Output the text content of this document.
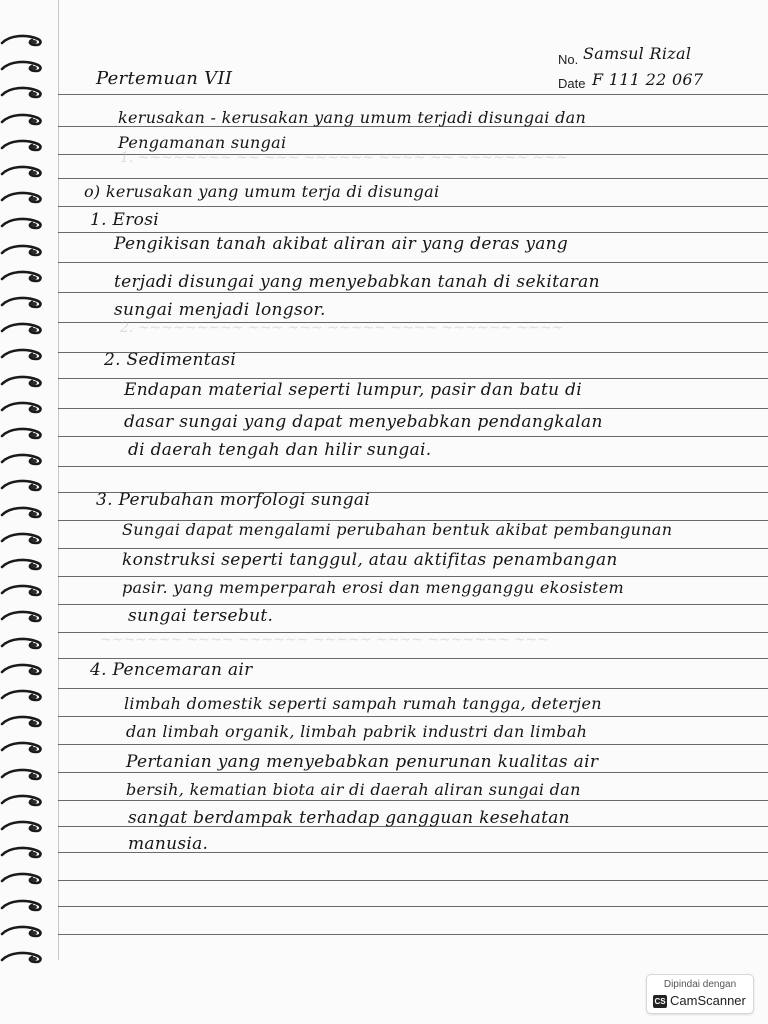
1. ~~~~~~~~ ~~ ~~~ ~~~~~~ ~~~~ ~~ ~~~~~~ ~~~
2. ~~~~~~~~~ ~~~ ~~~ ~~~~~ ~~~~ ~~~~~~ ~~~~
~~~~~~~ ~~~~ ~~~~~~ ~~~~~ ~~~~ ~~~~~~~ ~~~
No. Samsul Rizal
Date F 111 22 067
Pertemuan VII
kerusakan - kerusakan yang umum terjadi disungai dan
Pengamanan sungai
o) kerusakan yang umum terja di disungai
1. Erosi
Pengikisan tanah akibat aliran air yang deras yang
terjadi disungai yang menyebabkan tanah di sekitaran
sungai menjadi longsor.
2. Sedimentasi
Endapan material seperti lumpur, pasir dan batu di
dasar sungai yang dapat menyebabkan pendangkalan
di daerah tengah dan hilir sungai.
3. Perubahan morfologi sungai
Sungai dapat mengalami perubahan bentuk akibat pembangunan
konstruksi seperti tanggul, atau aktifitas penambangan
pasir. yang memperparah erosi dan mengganggu ekosistem
sungai tersebut.
4. Pencemaran air
limbah domestik seperti sampah rumah tangga, deterjen
dan limbah organik, limbah pabrik industri dan limbah
Pertanian yang menyebabkan penurunan kualitas air
bersih, kematian biota air di daerah aliran sungai dan
sangat berdampak terhadap gangguan kesehatan
manusia.
Dipindai dengan
CS CamScanner
